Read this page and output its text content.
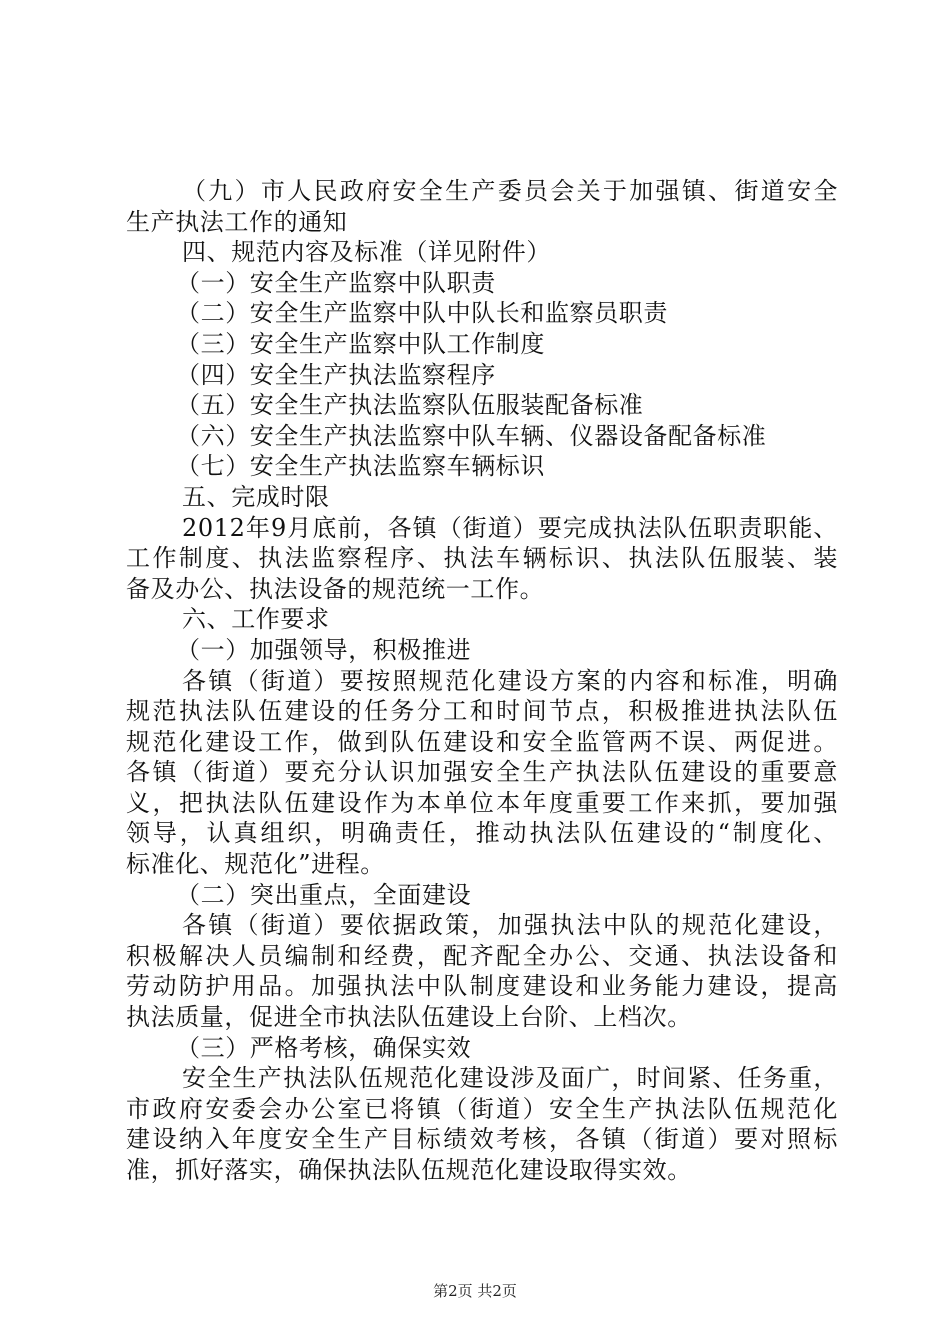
（九）市人民政府安全生产委员会关于加强镇、街道安全
生产执法工作的通知
四、规范内容及标准（详见附件）
（一）安全生产监察中队职责
（二）安全生产监察中队中队长和监察员职责
（三）安全生产监察中队工作制度
（四）安全生产执法监察程序
（五）安全生产执法监察队伍服装配备标准
（六）安全生产执法监察中队车辆、仪器设备配备标准
（七）安全生产执法监察车辆标识
五、完成时限
2012年9月底前，各镇（街道）要完成执法队伍职责职能、
工作制度、执法监察程序、执法车辆标识、执法队伍服装、装
备及办公、执法设备的规范统一工作。
六、工作要求
（一）加强领导，积极推进
各镇（街道）要按照规范化建设方案的内容和标准，明确
规范执法队伍建设的任务分工和时间节点，积极推进执法队伍
规范化建设工作，做到队伍建设和安全监管两不误、两促进。
各镇（街道）要充分认识加强安全生产执法队伍建设的重要意
义，把执法队伍建设作为本单位本年度重要工作来抓，要加强
领导，认真组织，明确责任，推动执法队伍建设的“制度化、
标准化、规范化”进程。
（二）突出重点，全面建设
各镇（街道）要依据政策，加强执法中队的规范化建设，
积极解决人员编制和经费，配齐配全办公、交通、执法设备和
劳动防护用品。加强执法中队制度建设和业务能力建设，提高
执法质量，促进全市执法队伍建设上台阶、上档次。
（三）严格考核，确保实效
安全生产执法队伍规范化建设涉及面广，时间紧、任务重，
市政府安委会办公室已将镇（街道）安全生产执法队伍规范化
建设纳入年度安全生产目标绩效考核，各镇（街道）要对照标
准，抓好落实，确保执法队伍规范化建设取得实效。
第2页 共2页
